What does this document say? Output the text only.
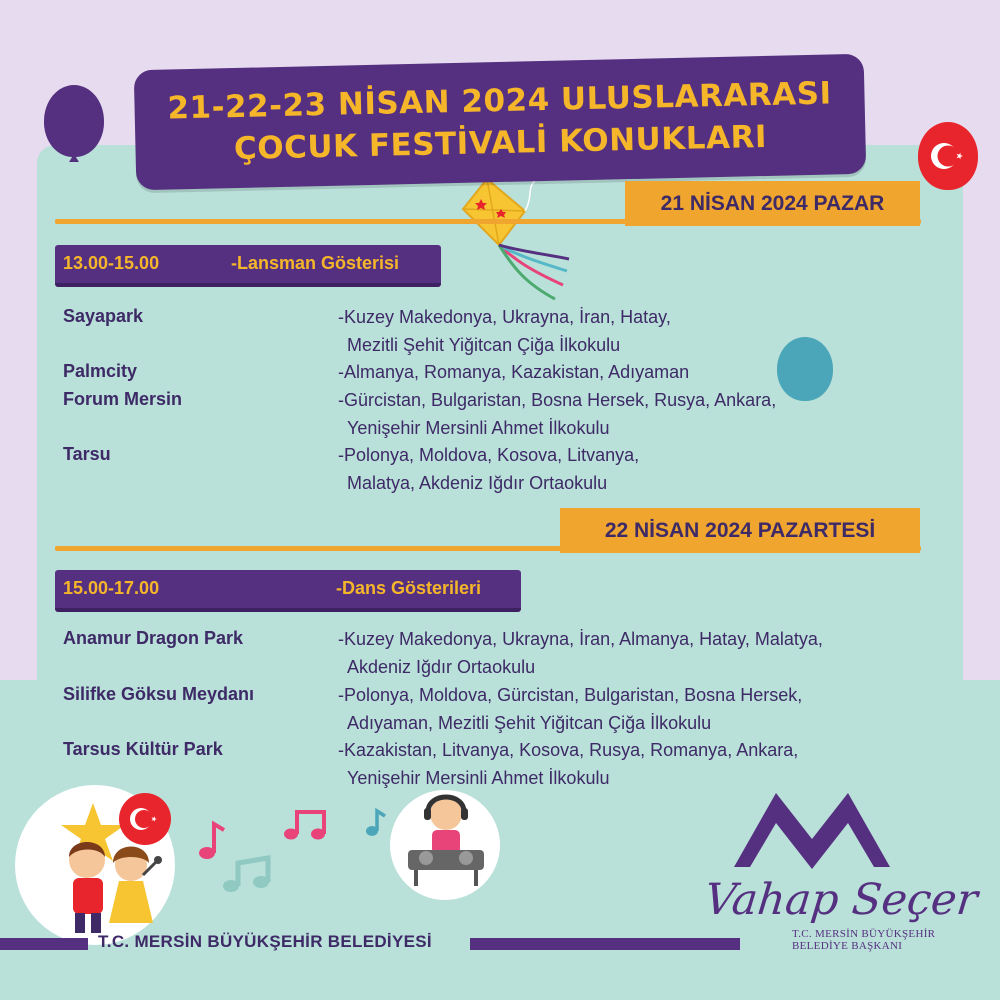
21-22-23 NİSAN 2024 ULUSLARARASI
ÇOCUK FESTİVALİ KONUKLARI
21 NİSAN 2024 PAZAR
13.00-15.00	-Lansman Gösterisi
Sayapark	-Kuzey Makedonya, Ukrayna, İran, Hatay,
Mezitli Şehit Yiğitcan Çiğa İlkokulu
Palmcity	-Almanya, Romanya, Kazakistan, Adıyaman
Forum Mersin	-Gürcistan, Bulgaristan, Bosna Hersek, Rusya, Ankara,
Yenişehir Mersinli Ahmet İlkokulu
Tarsu	-Polonya, Moldova, Kosova, Litvanya,
Malatya, Akdeniz Iğdır Ortaokulu
22 NİSAN 2024 PAZARTESİ
15.00-17.00	-Dans Gösterileri
Anamur Dragon Park	-Kuzey Makedonya, Ukrayna, İran, Almanya, Hatay, Malatya,
Akdeniz Iğdır Ortaokulu
Silifke Göksu Meydanı	-Polonya, Moldova, Gürcistan, Bulgaristan, Bosna Hersek,
Adıyaman, Mezitli Şehit Yiğitcan Çiğa İlkokulu
Tarsus Kültür Park	-Kazakistan, Litvanya, Kosova, Rusya, Romanya, Ankara,
Yenişehir Mersinli Ahmet İlkokulu
T.C. MERSİN BÜYÜKŞEHİR BELEDİYESİ
Vahap Seçer
T.C. MERSİN BÜYÜKŞEHİR
BELEDİYE BAŞKANI
